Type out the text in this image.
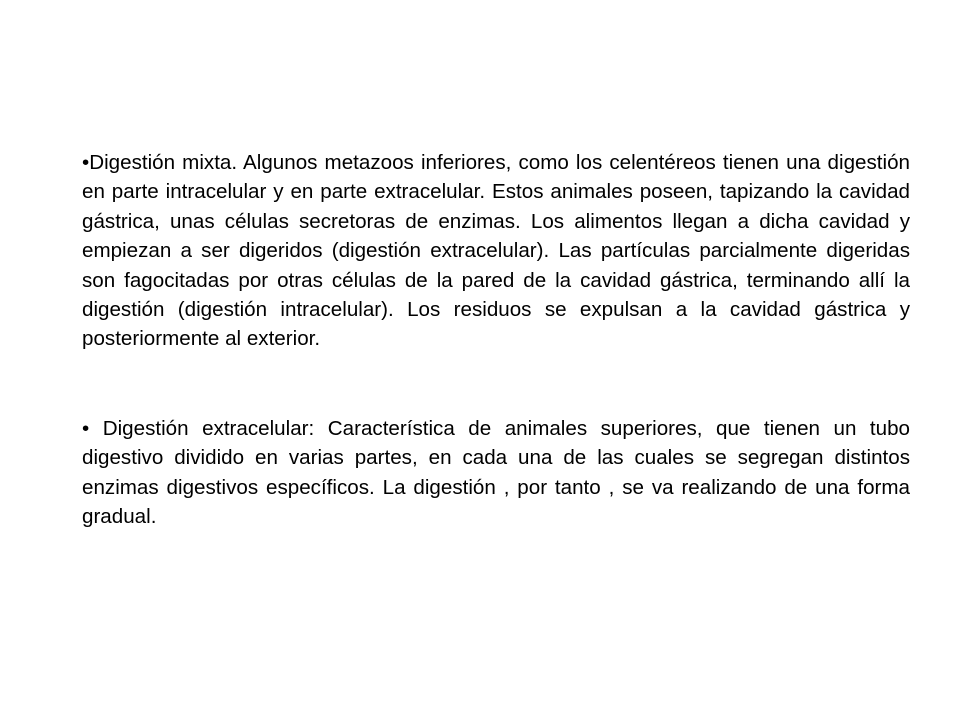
•Digestión mixta. Algunos metazoos inferiores, como los celentéreos tienen una digestión en parte intracelular y en parte extracelular. Estos animales poseen, tapizando la cavidad gástrica, unas células secretoras de enzimas. Los alimentos llegan a dicha cavidad y empiezan a ser digeridos (digestión extracelular). Las partículas parcialmente digeridas son fagocitadas por otras células de la pared de la cavidad gástrica, terminando allí la digestión (digestión intracelular). Los residuos se expulsan a la cavidad gástrica y posteriormente al exterior.

• Digestión extracelular: Característica de animales superiores, que tienen un tubo digestivo dividido en varias partes, en cada una de las cuales se segregan distintos enzimas digestivos específicos. La digestión , por tanto , se va realizando de una forma gradual.
